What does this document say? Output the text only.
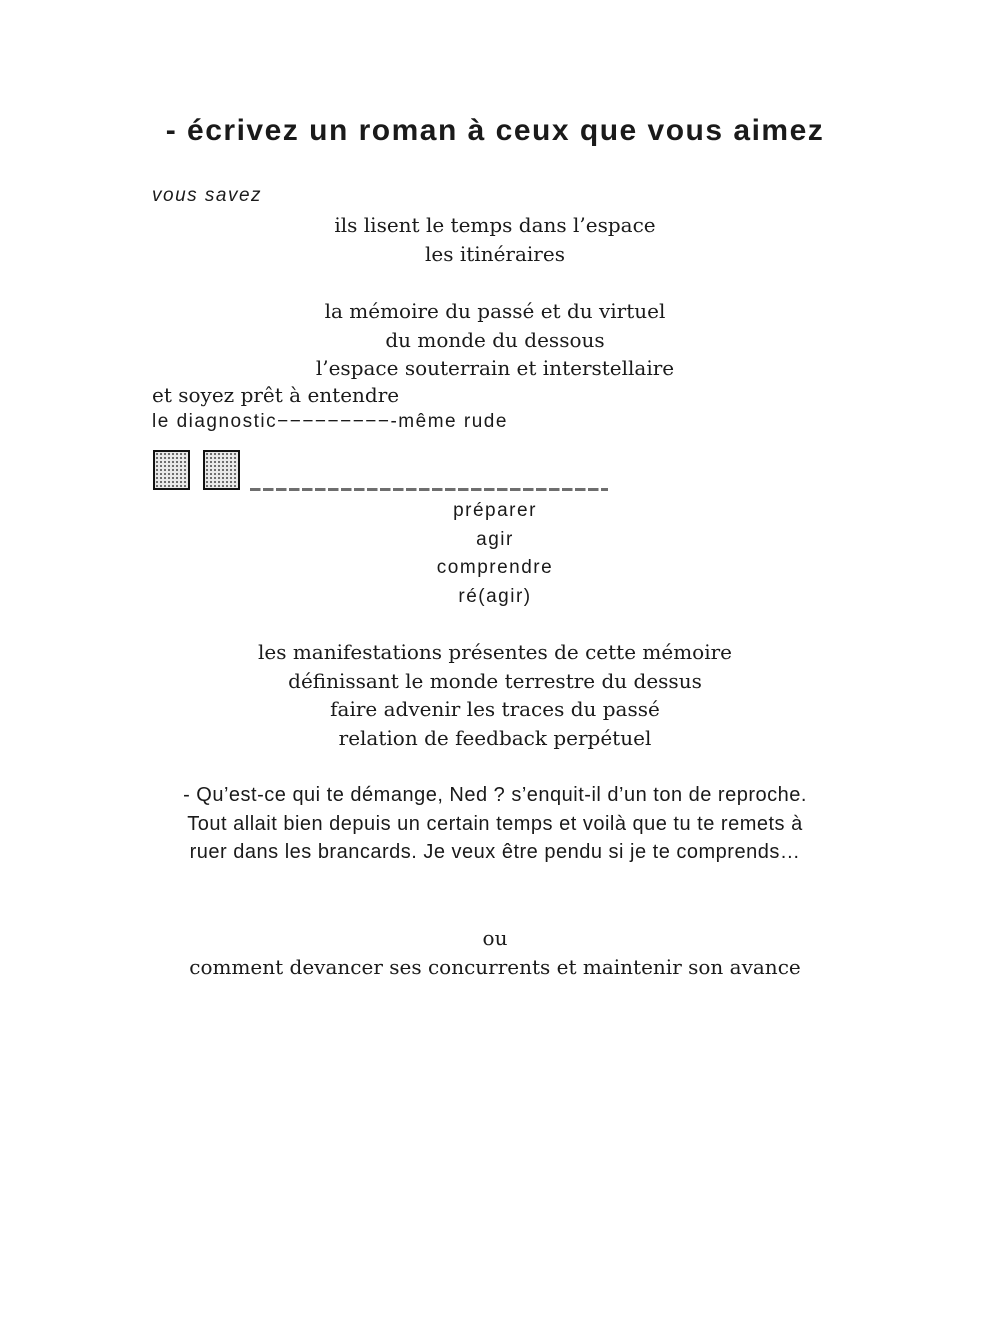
- écrivez un roman à ceux que vous aimez
vous savez
ils lisent le temps dans l’espace
les itinéraires
la mémoire du passé et du virtuel
du monde du dessous
l’espace souterrain et interstellaire
et soyez prêt à entendre
le diagnostic−−−−−−−−−-même rude
préparer
agir
comprendre
ré(agir)
les manifestations présentes de cette mémoire
définissant le monde terrestre du dessus
faire advenir les traces du passé
relation de feedback perpétuel
- Qu’est-ce qui te démange, Ned ? s’enquit-il d’un ton de reproche.
Tout allait bien depuis un certain temps et voilà que tu te remets à
ruer dans les brancards. Je veux être pendu si je te comprends…
ou
comment devancer ses concurrents et maintenir son avance
